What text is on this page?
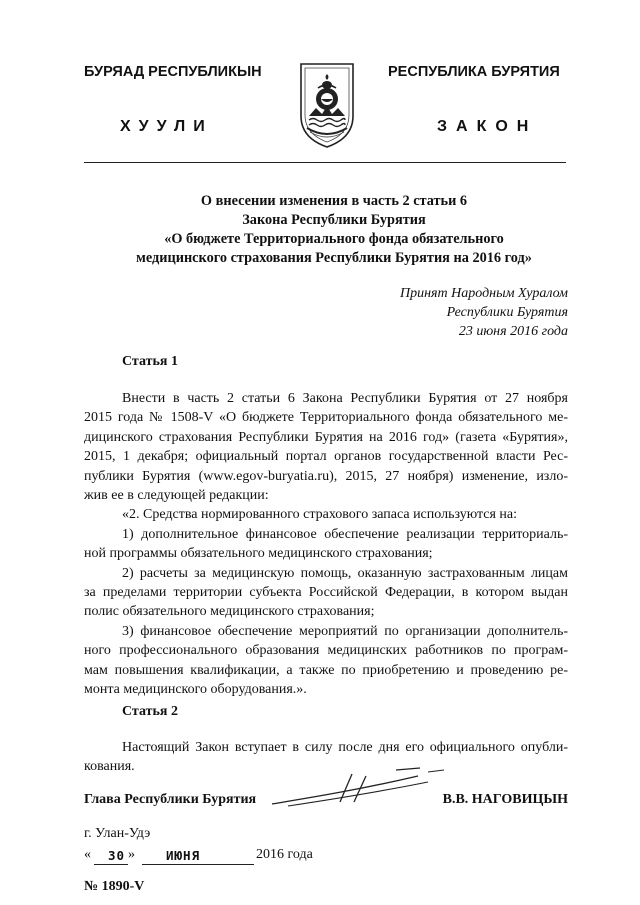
БУРЯАД РЕСПУБЛИКЫН	РЕСПУБЛИКА БУРЯТИЯ
ХУУЛИ	ЗАКОН
О внесении изменения в часть 2 статьи 6
Закона Республики Бурятия
«О бюджете Территориального фонда обязательного
медицинского страхования Республики Бурятия на 2016 год»
Принят Народным Хуралом
Республики Бурятия
23 июня 2016 года
Статья 1
Внести в часть 2 статьи 6 Закона Республики Бурятия от 27 ноября
2015 года № 1508-V «О бюджете Территориального фонда обязательного ме-
дицинского страхования Республики Бурятия на 2016 год» (газета «Бурятия»,
2015, 1 декабря; официальный портал органов государственной власти Рес-
публики Бурятия (www.egov-buryatia.ru), 2015, 27 ноября) изменение, изло-
жив ее в следующей редакции:
«2. Средства нормированного страхового запаса используются на:
1) дополнительное финансовое обеспечение реализации территориаль-
ной программы обязательного медицинского страхования;
2) расчеты за медицинскую помощь, оказанную застрахованным лицам
за пределами территории субъекта Российской Федерации, в котором выдан
полис обязательного медицинского страхования;
3) финансовое обеспечение мероприятий по организации дополнитель-
ного профессионального образования медицинских работников по програм-
мам повышения квалификации, а также по приобретению и проведению ре-
монта медицинского оборудования.».
Статья 2
Настоящий Закон вступает в силу после дня его официального опубли-
кования.
Глава Республики Бурятия	В.В. НАГОВИЦЫН
г. Улан-Удэ
« 30 » ИЮНЯ	2016 года
№ 1890-V
